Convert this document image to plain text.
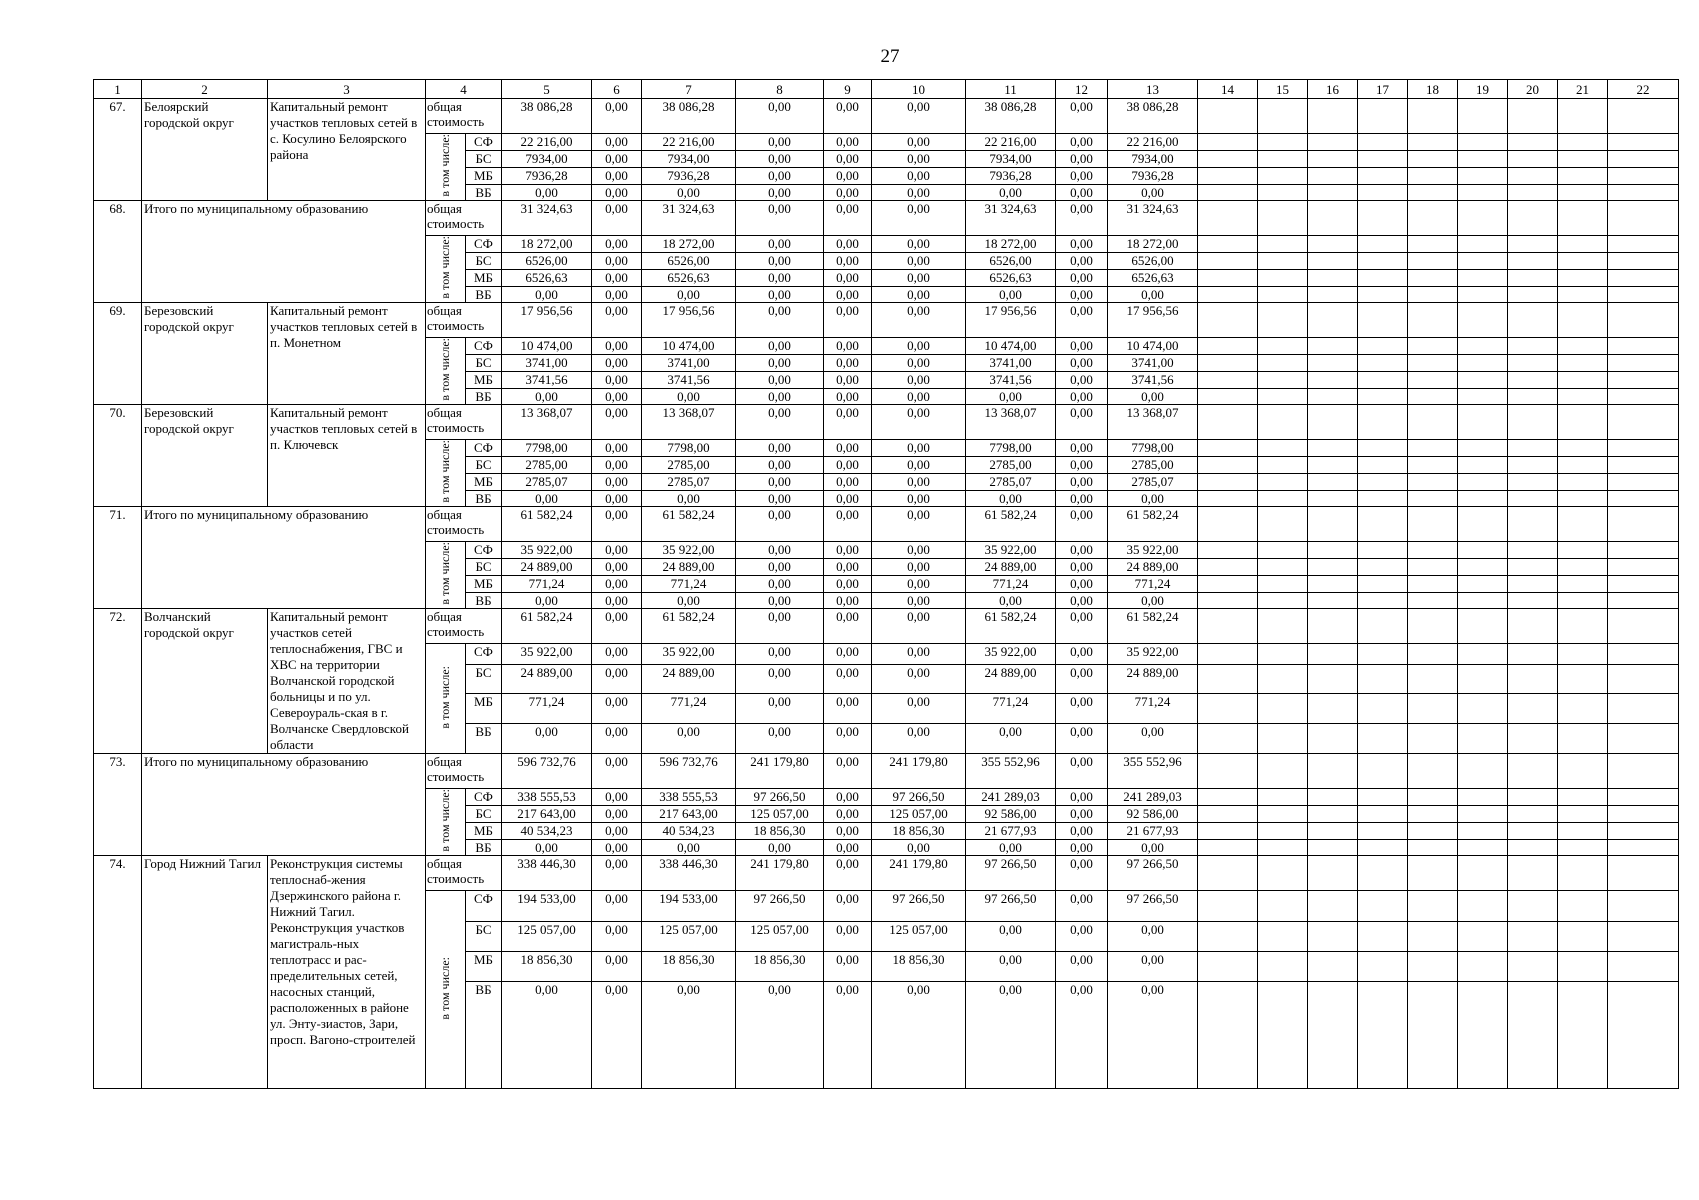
27
1	2	3	4		5	6	7	8	9	10	11	12	13	14	15	16	17	18	19	20	21	22
67.	Белоярский городской округ	Капитальный ремонт участков тепловых сетей в с. Косулино Белоярского района	общая стоимость		38 086,28	0,00	38 086,28	0,00	0,00	0,00	38 086,28	0,00	38 086,28									
			в том числе:	СФ	22 216,00	0,00	22 216,00	0,00	0,00	0,00	22 216,00	0,00	22 216,00									
				БС	7934,00	0,00	7934,00	0,00	0,00	0,00	7934,00	0,00	7934,00									
				МБ	7936,28	0,00	7936,28	0,00	0,00	0,00	7936,28	0,00	7936,28									
				ВБ	0,00	0,00	0,00	0,00	0,00	0,00	0,00	0,00	0,00									
68.	Итого по муниципальному образованию		общая стоимость		31 324,63	0,00	31 324,63	0,00	0,00	0,00	31 324,63	0,00	31 324,63									
			в том числе:	СФ	18 272,00	0,00	18 272,00	0,00	0,00	0,00	18 272,00	0,00	18 272,00									
				БС	6526,00	0,00	6526,00	0,00	0,00	0,00	6526,00	0,00	6526,00									
				МБ	6526,63	0,00	6526,63	0,00	0,00	0,00	6526,63	0,00	6526,63									
				ВБ	0,00	0,00	0,00	0,00	0,00	0,00	0,00	0,00	0,00									
69.	Березовский городской округ	Капитальный ремонт участков тепловых сетей в п. Монетном	общая стоимость		17 956,56	0,00	17 956,56	0,00	0,00	0,00	17 956,56	0,00	17 956,56									
			в том числе:	СФ	10 474,00	0,00	10 474,00	0,00	0,00	0,00	10 474,00	0,00	10 474,00									
				БС	3741,00	0,00	3741,00	0,00	0,00	0,00	3741,00	0,00	3741,00									
				МБ	3741,56	0,00	3741,56	0,00	0,00	0,00	3741,56	0,00	3741,56									
				ВБ	0,00	0,00	0,00	0,00	0,00	0,00	0,00	0,00	0,00									
70.	Березовский городской округ	Капитальный ремонт участков тепловых сетей в п. Ключевск	общая стоимость		13 368,07	0,00	13 368,07	0,00	0,00	0,00	13 368,07	0,00	13 368,07									
			в том числе:	СФ	7798,00	0,00	7798,00	0,00	0,00	0,00	7798,00	0,00	7798,00									
				БС	2785,00	0,00	2785,00	0,00	0,00	0,00	2785,00	0,00	2785,00									
				МБ	2785,07	0,00	2785,07	0,00	0,00	0,00	2785,07	0,00	2785,07									
				ВБ	0,00	0,00	0,00	0,00	0,00	0,00	0,00	0,00	0,00									
71.	Итого по муниципальному образованию		общая стоимость		61 582,24	0,00	61 582,24	0,00	0,00	0,00	61 582,24	0,00	61 582,24									
			в том числе:	СФ	35 922,00	0,00	35 922,00	0,00	0,00	0,00	35 922,00	0,00	35 922,00									
				БС	24 889,00	0,00	24 889,00	0,00	0,00	0,00	24 889,00	0,00	24 889,00									
				МБ	771,24	0,00	771,24	0,00	0,00	0,00	771,24	0,00	771,24									
				ВБ	0,00	0,00	0,00	0,00	0,00	0,00	0,00	0,00	0,00									
72.	Волчанский городской округ	Капитальный ремонт участков сетей теплоснабжения, ГВС и ХВС на территории Волчанской городской больницы и по ул. Североураль-ская в г. Волчанске Свердловской области	общая стоимость		61 582,24	0,00	61 582,24	0,00	0,00	0,00	61 582,24	0,00	61 582,24									
			в том числе:	СФ	35 922,00	0,00	35 922,00	0,00	0,00	0,00	35 922,00	0,00	35 922,00									
				БС	24 889,00	0,00	24 889,00	0,00	0,00	0,00	24 889,00	0,00	24 889,00									
				МБ	771,24	0,00	771,24	0,00	0,00	0,00	771,24	0,00	771,24									
				ВБ	0,00	0,00	0,00	0,00	0,00	0,00	0,00	0,00	0,00									
73.	Итого по муниципальному образованию		общая стоимость		596 732,76	0,00	596 732,76	241 179,80	0,00	241 179,80	355 552,96	0,00	355 552,96									
			в том числе:	СФ	338 555,53	0,00	338 555,53	97 266,50	0,00	97 266,50	241 289,03	0,00	241 289,03									
				БС	217 643,00	0,00	217 643,00	125 057,00	0,00	125 057,00	92 586,00	0,00	92 586,00									
				МБ	40 534,23	0,00	40 534,23	18 856,30	0,00	18 856,30	21 677,93	0,00	21 677,93									
				ВБ	0,00	0,00	0,00	0,00	0,00	0,00	0,00	0,00	0,00									
74.	Город Нижний Тагил	Реконструкция системы теплоснаб-жения Дзержинского района г. Нижний Тагил. Реконструкция участков магистраль-ных теплотрасс и рас-пределительных сетей, насосных станций, расположенных в районе ул. Энту-зиастов, Зари, просп. Вагоно-строителей	общая стоимость		338 446,30	0,00	338 446,30	241 179,80	0,00	241 179,80	97 266,50	0,00	97 266,50									
			в том числе:	СФ	194 533,00	0,00	194 533,00	97 266,50	0,00	97 266,50	97 266,50	0,00	97 266,50									
				БС	125 057,00	0,00	125 057,00	125 057,00	0,00	125 057,00	0,00	0,00	0,00									
				МБ	18 856,30	0,00	18 856,30	18 856,30	0,00	18 856,30	0,00	0,00	0,00									
				ВБ	0,00	0,00	0,00	0,00	0,00	0,00	0,00	0,00	0,00									
